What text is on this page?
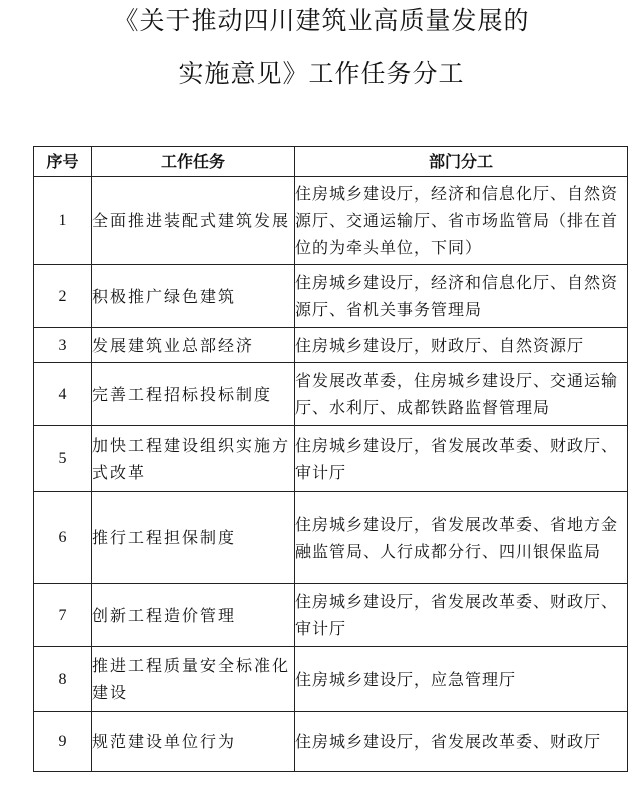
《关于推动四川建筑业高质量发展的
实施意见》工作任务分工
序号	工作任务	部门分工
1	全面推进装配式建筑发展	住房城乡建设厅，经济和信息化厅、自然资源厅、交通运输厅、省市场监管局（排在首位的为牵头单位，下同）
2	积极推广绿色建筑	住房城乡建设厅，经济和信息化厅、自然资源厅、省机关事务管理局
3	发展建筑业总部经济	住房城乡建设厅，财政厅、自然资源厅
4	完善工程招标投标制度	省发展改革委，住房城乡建设厅、交通运输厅、水利厅、成都铁路监督管理局
5	加快工程建设组织实施方式改革	住房城乡建设厅，省发展改革委、财政厅、审计厅
6	推行工程担保制度	住房城乡建设厅，省发展改革委、省地方金融监管局、人行成都分行、四川银保监局
7	创新工程造价管理	住房城乡建设厅，省发展改革委、财政厅、审计厅
8	推进工程质量安全标准化建设	住房城乡建设厅，应急管理厅
9	规范建设单位行为	住房城乡建设厅，省发展改革委、财政厅
